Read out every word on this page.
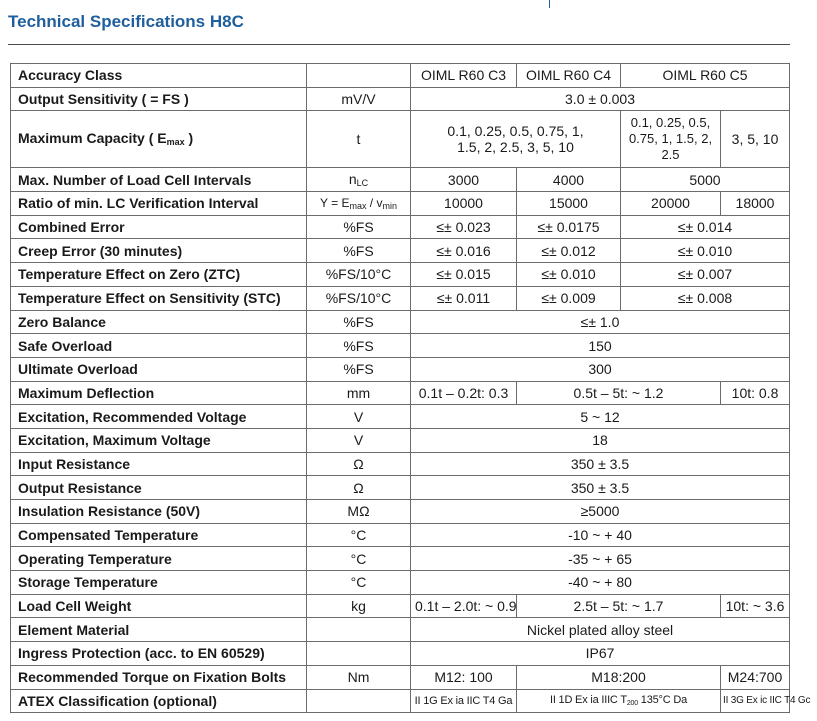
Technical Specifications H8C
Accuracy Class		OIML R60 C3	OIML R60 C4	OIML R60 C5	
Output Sensitivity ( = FS )	mV/V	3.0 ± 0.003			
Maximum Capacity ( $E_{max}$ )	t	0.1, 0.25, 0.5, 0.75, 1, 1.5, 2, 2.5, 3, 5, 10		0.1, 0.25, 0.5, 0.75, 1, 1.5, 2, 2.5	3, 5, 10
Max. Number of Load Cell Intervals	$n_{LC}$	3000	4000	5000	
Ratio of min. LC Verification Interval	$Y = E_{max} / v_{min}$	10000	15000	20000	18000
Combined Error	%FS	≤± 0.023	≤± 0.0175	≤± 0.014	
Creep Error (30 minutes)	%FS	≤± 0.016	≤± 0.012	≤± 0.010	
Temperature Effect on Zero (ZTC)	%FS/10°C	≤± 0.015	≤± 0.010	≤± 0.007	
Temperature Effect on Sensitivity (STC)	%FS/10°C	≤± 0.011	≤± 0.009	≤± 0.008	
Zero Balance	%FS	≤± 1.0			
Safe Overload	%FS	150			
Ultimate Overload	%FS	300			
Maximum Deflection	mm	0.1t – 0.2t: 0.3	0.5t – 5t: ~ 1.2		10t: 0.8
Excitation, Recommended Voltage	V	5 ~ 12			
Excitation, Maximum Voltage	V	18			
Input Resistance	Ω	350 ± 3.5			
Output Resistance	Ω	350 ± 3.5			
Insulation Resistance (50V)	MΩ	≥5000			
Compensated Temperature	°C	-10 ~ + 40			
Operating Temperature	°C	-35 ~ + 65			
Storage Temperature	°C	-40 ~ + 80			
Load Cell Weight	kg	0.1t – 2.0t: ~ 0.9	2.5t – 5t: ~ 1.7		10t: ~ 3.6
Element Material		Nickel plated alloy steel			
Ingress Protection (acc. to EN 60529)		IP67			
Recommended Torque on Fixation Bolts	Nm	M12: 100	M18:200		M24:700
ATEX Classification (optional)		II 1G Ex ia IIC T4 Ga	II 1D Ex ia IIIC $T_{200}$ 135°C Da		II 3G Ex ic IIC T4 Gc
